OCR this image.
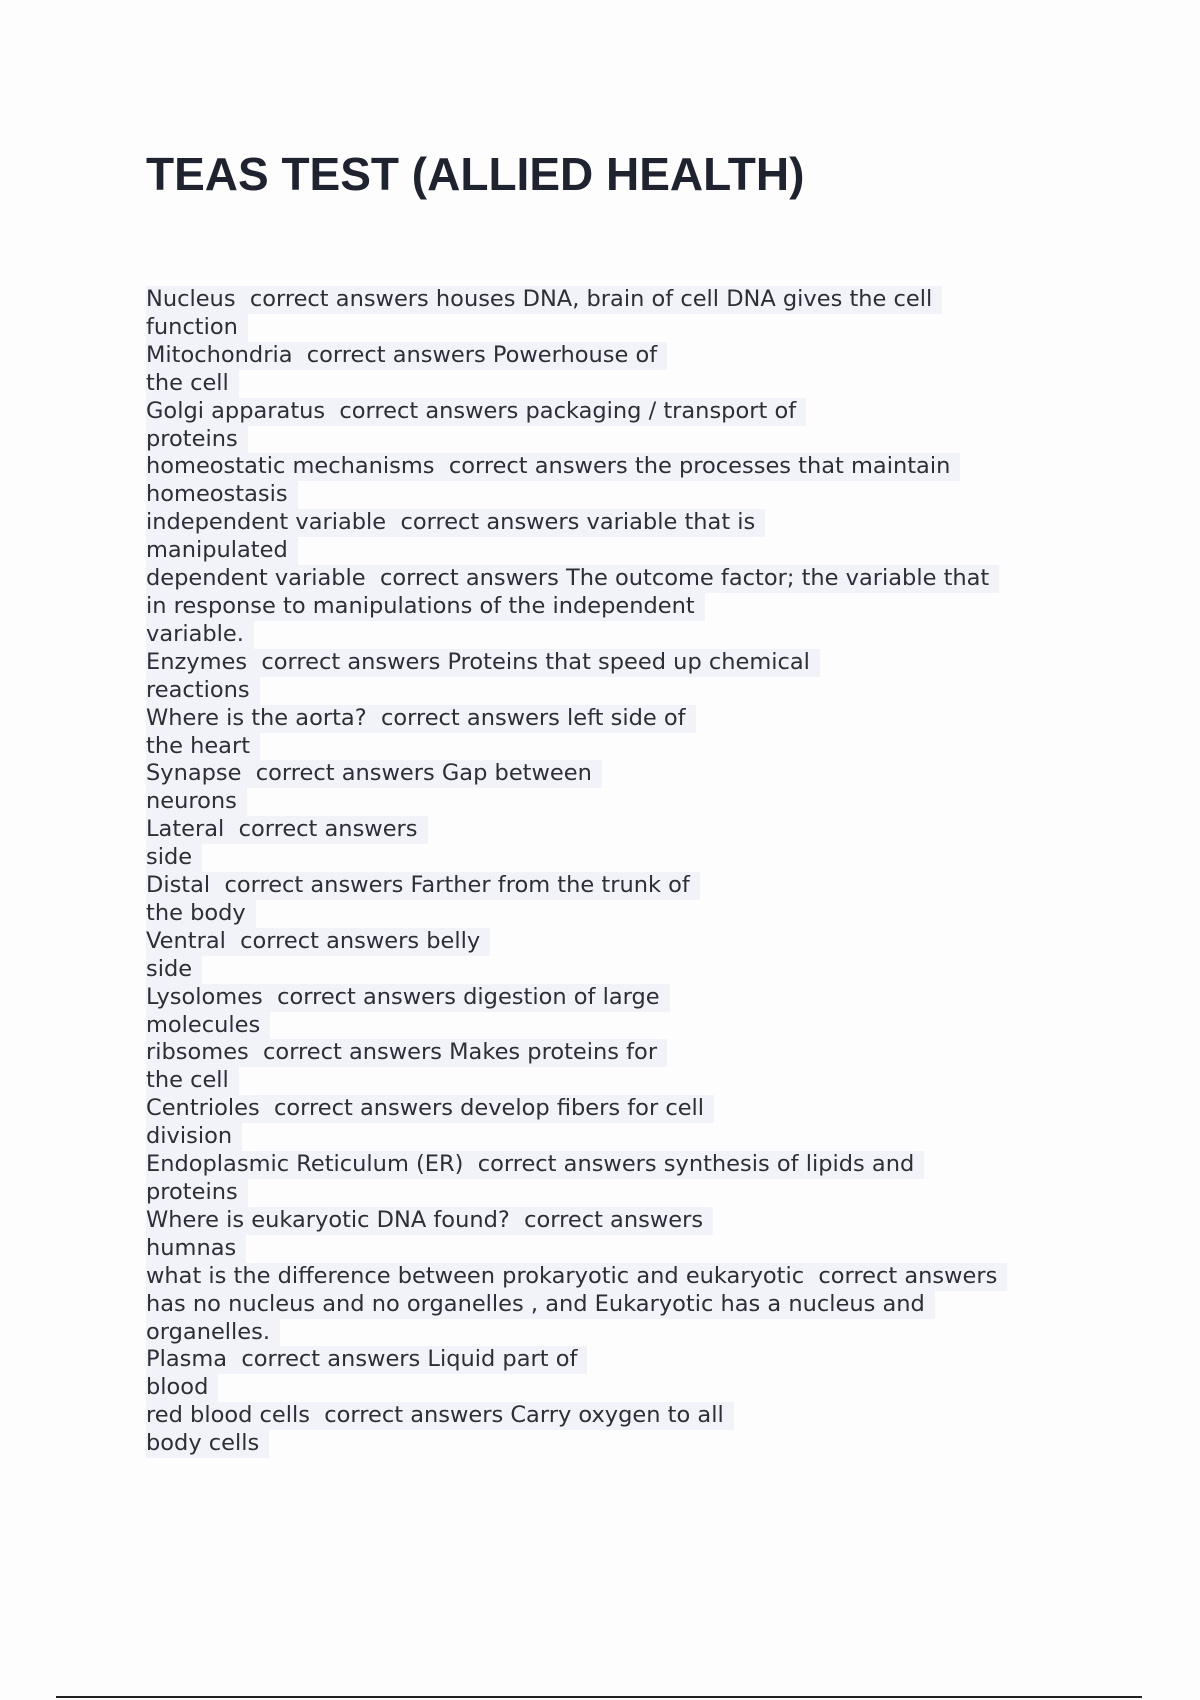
TEAS TEST (ALLIED HEALTH)
Nucleus  correct answers houses DNA, brain of cell DNA gives the cell
function

Mitochondria  correct answers Powerhouse of
the cell

Golgi apparatus  correct answers packaging / transport of
proteins

homeostatic mechanisms  correct answers the processes that maintain
homeostasis

independent variable  correct answers variable that is
manipulated

dependent variable  correct answers The outcome factor; the variable that
in response to manipulations of the independent
variable.

Enzymes  correct answers Proteins that speed up chemical
reactions

Where is the aorta?  correct answers left side of
the heart

Synapse  correct answers Gap between
neurons

Lateral  correct answers
side

Distal  correct answers Farther from the trunk of
the body

Ventral  correct answers belly
side

Lysolomes  correct answers digestion of large
molecules

ribsomes  correct answers Makes proteins for
the cell

Centrioles  correct answers develop fibers for cell
division

Endoplasmic Reticulum (ER)  correct answers synthesis of lipids and
proteins

Where is eukaryotic DNA found?  correct answers
humnas

what is the difference between prokaryotic and eukaryotic  correct answers
has no nucleus and no organelles , and Eukaryotic has a nucleus and
organelles.

Plasma  correct answers Liquid part of
blood

red blood cells  correct answers Carry oxygen to all
body cells
